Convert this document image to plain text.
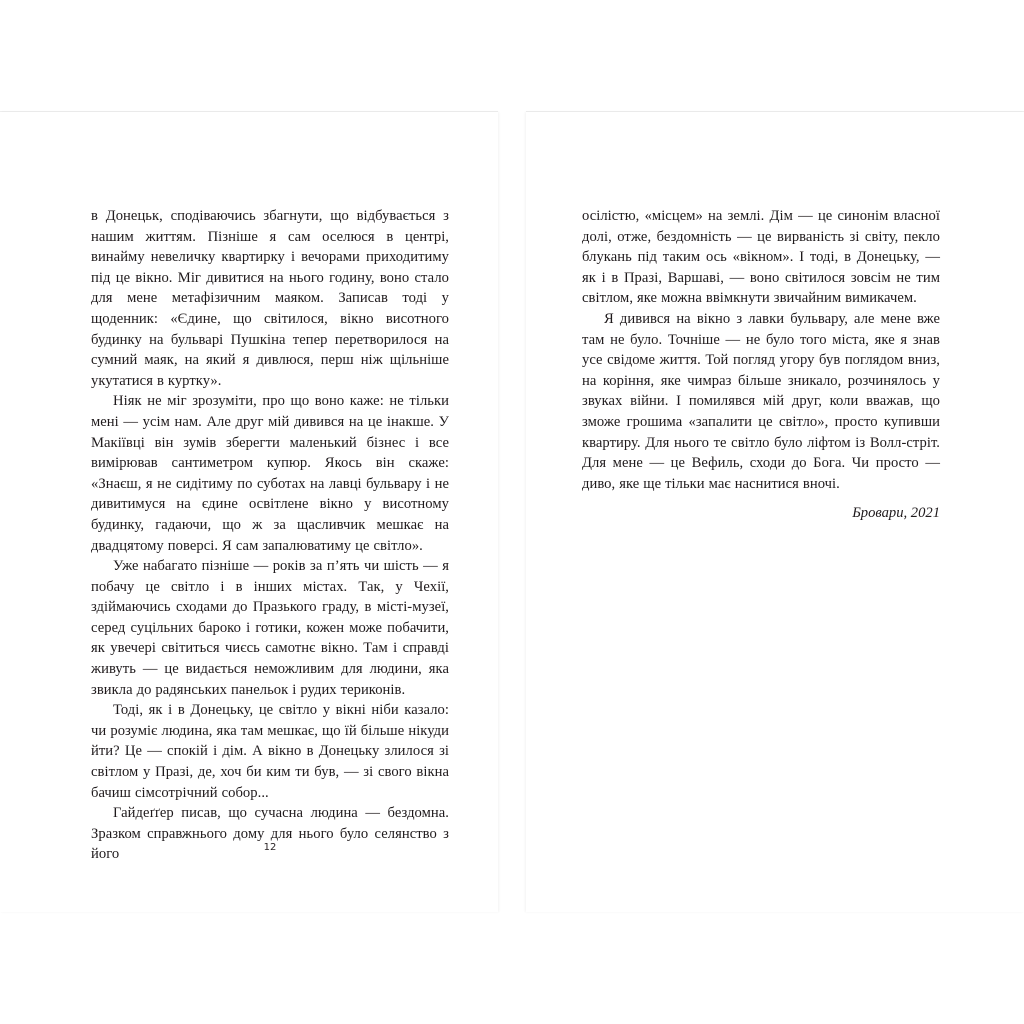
в Донецьк, сподіваючись збагнути, що відбувається з нашим життям. Пізніше я сам оселюся в центрі, винайму невеличку квартирку і вечорами приходитиму під це вікно. Міг дивитися на нього годину, воно стало для мене метафізичним маяком. Записав тоді у щоденник: «Єдине, що світилося, вікно висотного будинку на бульварі Пушкіна тепер перетворилося на сумний маяк, на який я дивлюся, перш ніж щільніше укутатися в куртку».

Ніяк не міг зрозуміти, про що воно каже: не тільки мені — усім нам. Але друг мій дивився на це інакше. У Макіївці він зумів зберегти маленький бізнес і все вимірював сантиметром купюр. Якось він скаже: «Знаєш, я не сидітиму по суботах на лавці бульвару і не дивитимуся на єдине освітлене вікно у висотному будинку, гадаючи, що ж за щасливчик мешкає на двадцятому поверсі. Я сам запалюватиму це світло».

Уже набагато пізніше — років за п’ять чи шість — я побачу це світло і в інших містах. Так, у Чехії, здіймаючись сходами до Празького граду, в місті-музеї, серед суцільних бароко і готики, кожен може побачити, як увечері світиться чиєсь самотнє вікно. Там і справді живуть — це видається неможливим для людини, яка звикла до радянських панельок і рудих териконів.

Тоді, як і в Донецьку, це світло у вікні ніби казало: чи розуміє людина, яка там мешкає, що їй більше нікуди йти? Це — спокій і дім. А вікно в Донецьку злилося зі світлом у Празі, де, хоч би ким ти був, — зі свого вікна бачиш сімсотрічний собор...

Гайдеґґер писав, що сучасна людина — бездомна. Зразком справжнього дому для нього було селянство з його	12

осілістю, «місцем» на землі. Дім — це синонім власної долі, отже, бездомність — це вирваність зі світу, пекло блукань під таким ось «вікном». І тоді, в Донецьку, — як і в Празі, Варшаві, — воно світилося зовсім не тим світлом, яке можна ввімкнути звичайним вимикачем.

Я дивився на вікно з лавки бульвару, але мене вже там не було. Точніше — не було того міста, яке я знав усе свідоме життя. Той погляд угору був поглядом вниз, на коріння, яке чимраз більше зникало, розчинялось у звуках війни. І помилявся мій друг, коли вважав, що зможе грошима «запалити це світло», просто купивши квартиру. Для нього те світло було ліфтом із Волл-стріт. Для мене — це Вефиль, сходи до Бога. Чи просто — диво, яке ще тільки має наснитися вночі.

Бровари, 2021
